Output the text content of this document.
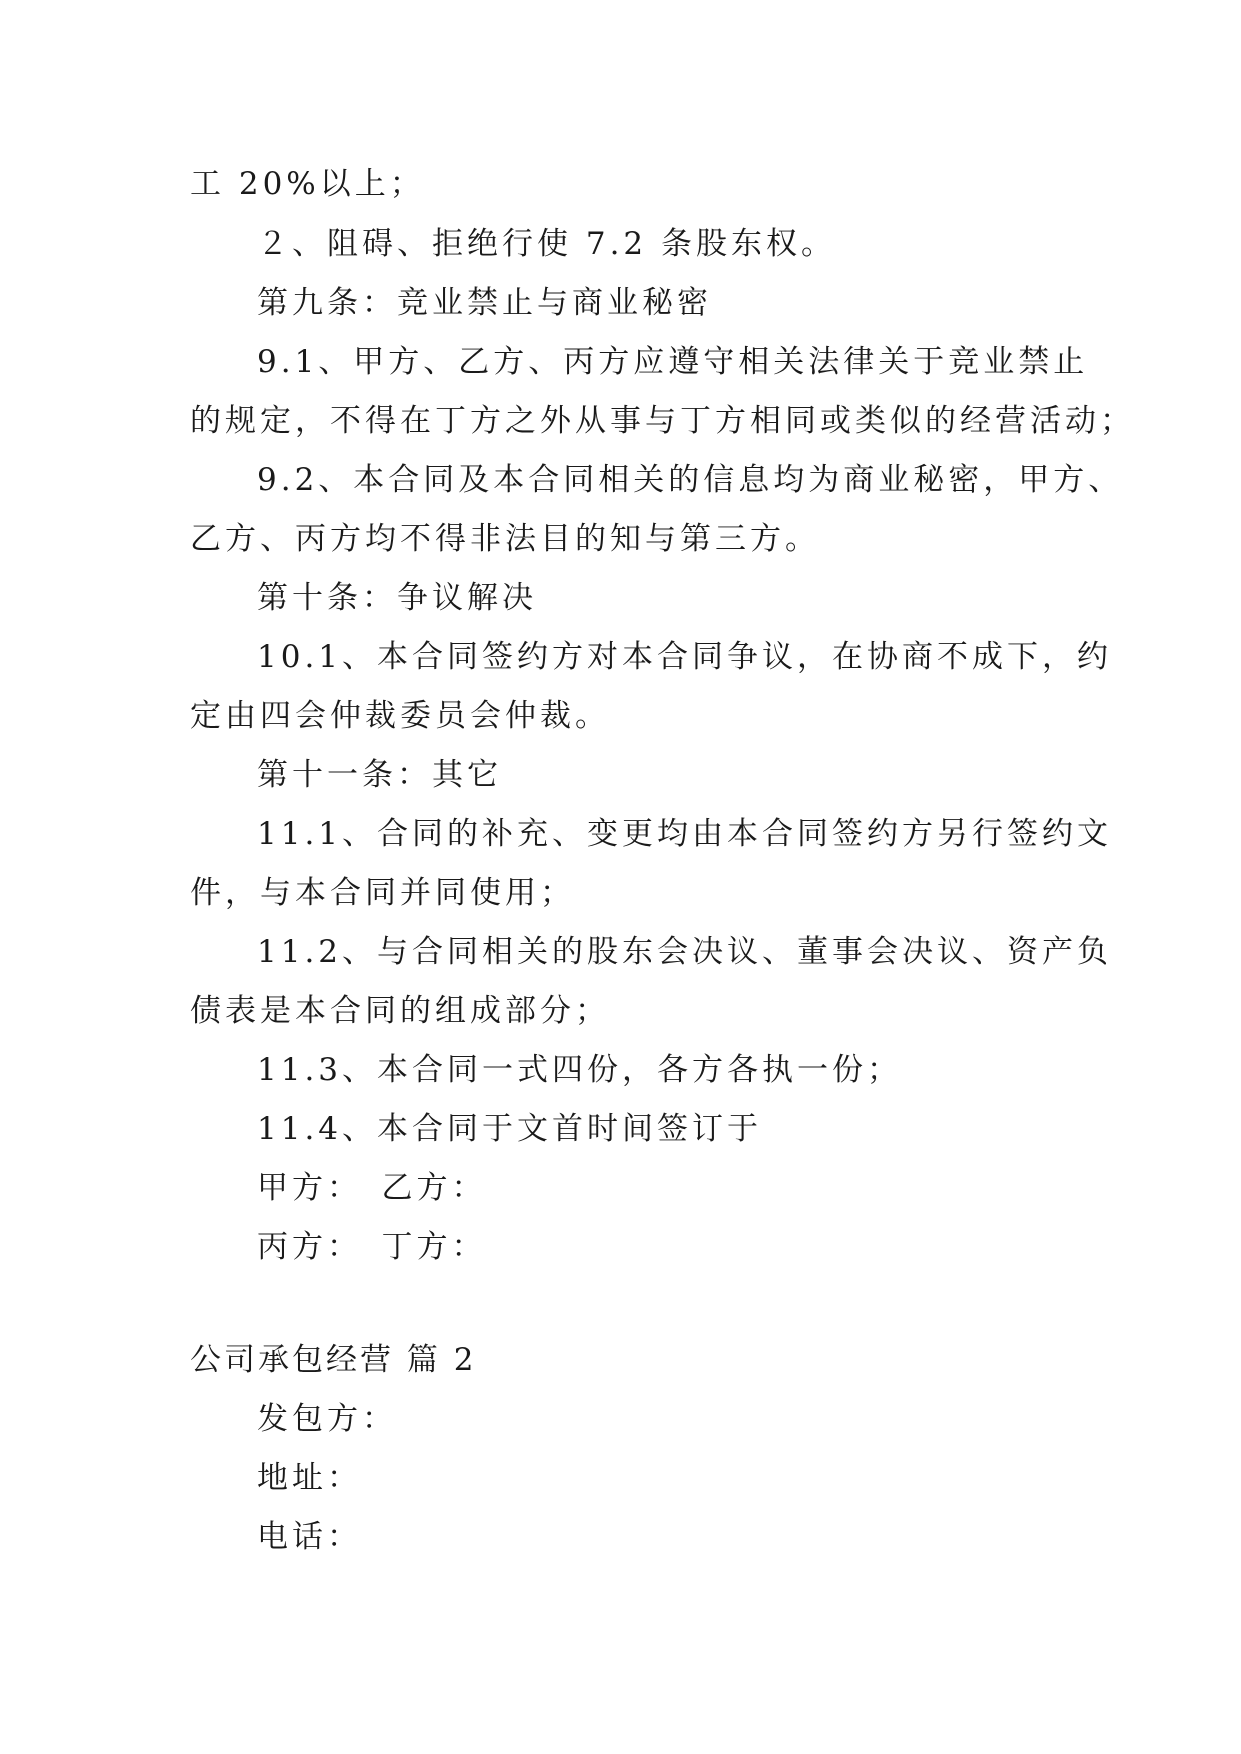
工 20%以上；
２、阻碍、拒绝行使 7.2 条股东权。
第九条：竞业禁止与商业秘密
9.1、甲方、乙方、丙方应遵守相关法律关于竞业禁止
的规定，不得在丁方之外从事与丁方相同或类似的经营活动；
9.2、本合同及本合同相关的信息均为商业秘密，甲方、
乙方、丙方均不得非法目的知与第三方。
第十条：争议解决
10.1、本合同签约方对本合同争议，在协商不成下，约
定由四会仲裁委员会仲裁。
第十一条：其它
11.1、合同的补充、变更均由本合同签约方另行签约文
件，与本合同并同使用；
11.2、与合同相关的股东会决议、董事会决议、资产负
债表是本合同的组成部分；
11.3、本合同一式四份，各方各执一份；
11.4、本合同于文首时间签订于
甲方：　乙方：
丙方：　丁方：
公司承包经营 篇 2
发包方：
地址：
电话：
